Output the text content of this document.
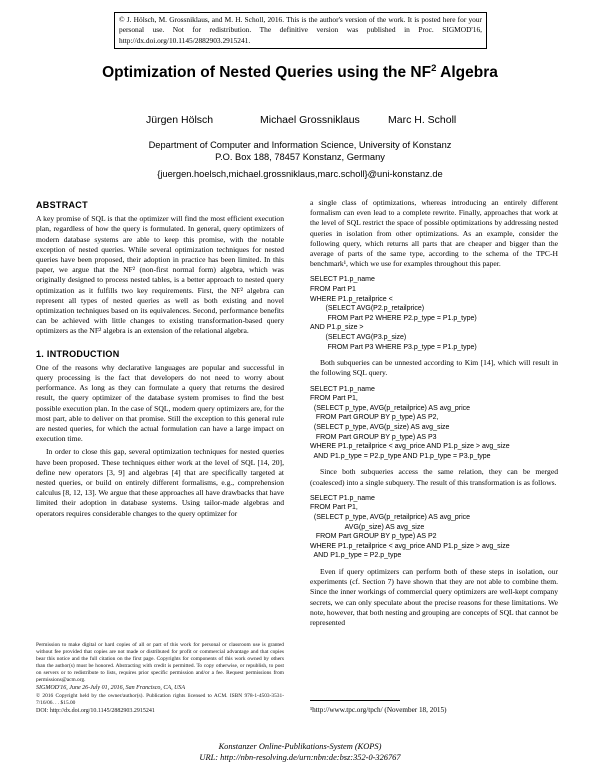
© J. Hölsch, M. Grossniklaus, and M. H. Scholl, 2016. This is the author's version of the work. It is posted here for your personal use. Not for redistribution. The definitive version was published in Proc. SIGMOD'16, http://dx.doi.org/10.1145/2882903.2915241.
Optimization of Nested Queries using the $NF^2$ Algebra
Jürgen Hölsch	Michael Grossniklaus	Marc H. Scholl
Department of Computer and Information Science, University of Konstanz
P.O. Box 188, 78457 Konstanz, Germany
{juergen.hoelsch,michael.grossniklaus,marc.scholl}@uni-konstanz.de
ABSTRACT

A key promise of SQL is that the optimizer will find the most efficient execution plan, regardless of how the query is formulated. In general, query optimizers of modern database systems are able to keep this promise, with the notable exception of nested queries. While several optimization techniques for nested queries have been proposed, their adoption in practice has been limited. In this paper, we argue that the NF² (non-first normal form) algebra, which was originally designed to process nested tables, is a better approach to nested query optimization as it fulfills two key requirements. First, the NF² algebra can represent all types of nested queries as well as both existing and novel optimization techniques based on its equivalences. Second, performance benefits can be achieved with little changes to existing transformation-based query optimizers as the NF² algebra is an extension of the relational algebra.

1. INTRODUCTION

One of the reasons why declarative languages are popular and successful in query processing is the fact that developers do not need to worry about performance. As long as they can formulate a query that returns the desired result, the query optimizer of the database system promises to find the best possible execution plan. In the case of SQL, modern query optimizers are, for the most part, able to deliver on that promise. Still the exception to this general rule are nested queries, for which the actual formulation can have a large impact on execution time.

In order to close this gap, several optimization techniques for nested queries have been proposed. These techniques either work at the level of SQL [14, 20], define new operators [3, 9] and algebras [4] that are specifically targeted at nested queries, or build on entirely different formalisms, e.g., comprehension calculus [8, 12, 13]. We argue that these approaches all have drawbacks that have limited their adoption in database systems. Using tailor-made algebras and operators requires considerable changes to the query optimizer for

Permission to make digital or hard copies of all or part of this work for personal or classroom use is granted without fee provided that copies are not made or distributed for profit or commercial advantage and that copies bear this notice and the full citation on the first page. Copyrights for components of this work owned by others than the author(s) must be honored. Abstracting with credit is permitted. To copy otherwise, or republish, to post on servers or to redistribute to lists, requires prior specific permission and/or a fee. Request permissions from permissions@acm.org.

SIGMOD'16, June 26-July 01, 2016, San Francisco, CA, USA

© 2016 Copyright held by the owner/author(s). Publication rights licensed to ACM. ISBN 978-1-4503-3531-7/16/06. . . $15.00

DOI: http://dx.doi.org/10.1145/2882903.2915241

a single class of optimizations, whereas introducing an entirely different formalism can even lead to a complete rewrite. Finally, approaches that work at the level of SQL restrict the space of possible optimizations by addressing nested queries in isolation from other optimizations. As an example, consider the following query, which returns all parts that are cheaper and bigger than the average of parts of the same type, according to the schema of the TPC-H benchmark¹, which we use for examples throughout this paper.

SELECT P1.p_name
FROM Part P1
WHERE P1.p_retailprice <
(SELECT AVG(P2.p_retailprice)
FROM Part P2 WHERE P2.p_type = P1.p_type)
AND P1.p_size >
(SELECT AVG(P3.p_size)
FROM Part P3 WHERE P3.p_type = P1.p_type)

Both subqueries can be unnested according to Kim [14], which will result in the following SQL query.

SELECT P1.p_name
FROM Part P1,
(SELECT p_type, AVG(p_retailprice) AS avg_price
FROM Part GROUP BY p_type) AS P2,
(SELECT p_type, AVG(p_size) AS avg_size
FROM Part GROUP BY p_type) AS P3
WHERE P1.p_retailprice < avg_price AND P1.p_size > avg_size
AND P1.p_type = P2.p_type AND P1.p_type = P3.p_type

Since both subqueries access the same relation, they can be merged (coalesced) into a single subquery. The result of this transformation is as follows.

SELECT P1.p_name
FROM Part P1,
(SELECT p_type, AVG(p_retailprice) AS avg_price
AVG(p_size) AS avg_size
FROM Part GROUP BY p_type) AS P2
WHERE P1.p_retailprice < avg_price AND P1.p_size > avg_size
AND P1.p_type = P2.p_type

Even if query optimizers can perform both of these steps in isolation, our experiments (cf. Section 7) have shown that they are not able to combine them. Since the inner workings of commercial query optimizers are well-kept company secrets, we can only speculate about the precise reasons for these limitations. We note, however, that both nesting and grouping are concepts of SQL that cannot be represented

¹http://www.tpc.org/tpch/ (November 18, 2015)
Konstanzer Online-Publikations-System (KOPS)
URL: http://nbn-resolving.de/urn:nbn:de:bsz:352-0-326767
